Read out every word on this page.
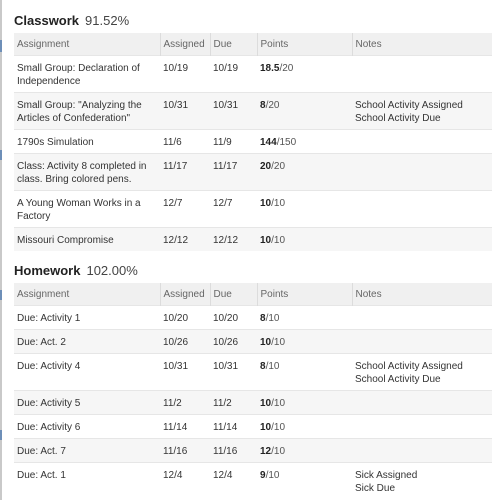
Classwork 91.52%
Assignment	Assigned	Due	Points	Notes
Small Group: Declaration of Independence	10/19	10/19	18.5/20	
Small Group: "Analyzing the Articles of Confederation"	10/31	10/31	8/20	School Activity Assigned
School Activity Due

1790s Simulation	11/6	11/9	144/150	
Class: Activity 8 completed in class. Bring colored pens.	11/17	11/17	20/20	
A Young Woman Works in a Factory	12/7	12/7	10/10	
Missouri Compromise	12/12	12/12	10/10	
Homework 102.00%
Assignment	Assigned	Due	Points	Notes
Due: Activity 1	10/20	10/20	8/10	
Due: Act. 2	10/26	10/26	10/10	
Due: Activity 4	10/31	10/31	8/10	School Activity Assigned
School Activity Due

Due: Activity 5	11/2	11/2	10/10	
Due: Activity 6	11/14	11/14	10/10	
Due: Act. 7	11/16	11/16	12/10	
Due: Act. 1	12/4	12/4	9/10	Sick Assigned
Sick Due
